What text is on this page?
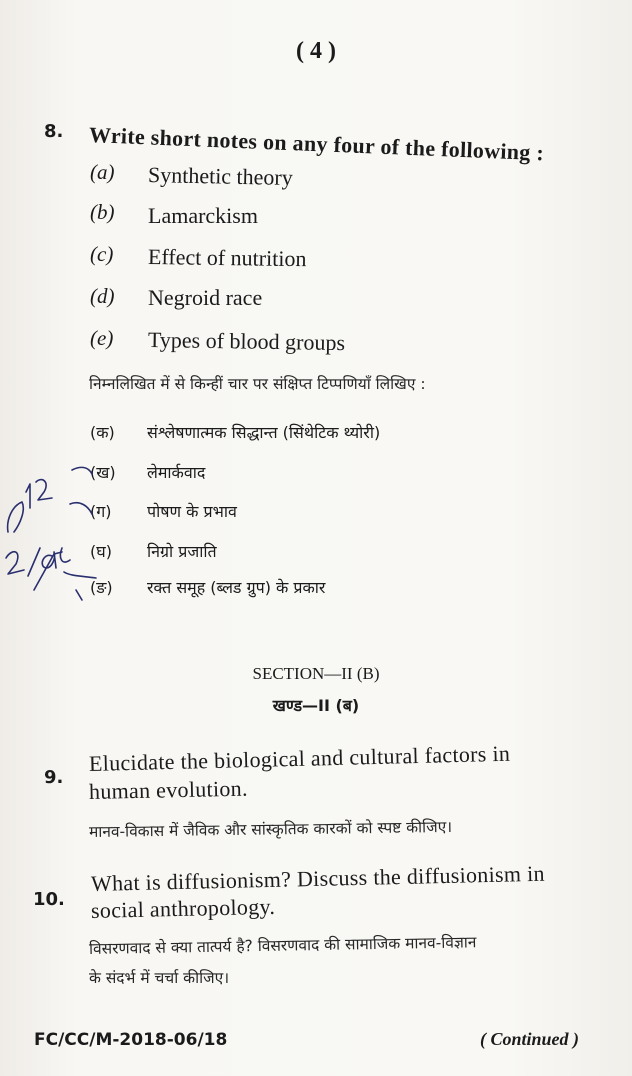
( 4 )
8. Write short notes on any four of the following :
(a) Synthetic theory
(b) Lamarckism
(c) Effect of nutrition
(d) Negroid race
(e) Types of blood groups
निम्नलिखित में से किन्हीं चार पर संक्षिप्त टिप्पणियाँ लिखिए :
(क) संश्लेषणात्मक सिद्धान्त (सिंथेटिक थ्योरी)
(ख) लेमार्कवाद
(ग) पोषण के प्रभाव
(घ) निग्रो प्रजाति
(ङ) रक्त समूह (ब्लड ग्रुप) के प्रकार
SECTION—II (B)
खण्ड—II (ब)
9.
Elucidate the biological and cultural factors in
human evolution.
मानव-विकास में जैविक और सांस्कृतिक कारकों को स्पष्ट कीजिए।
10.
What is diffusionism? Discuss the diffusionism in
social anthropology.
विसरणवाद से क्या तात्पर्य है? विसरणवाद की सामाजिक मानव-विज्ञान
के संदर्भ में चर्चा कीजिए।
FC/CC/M-2018-06/18	( Continued )
